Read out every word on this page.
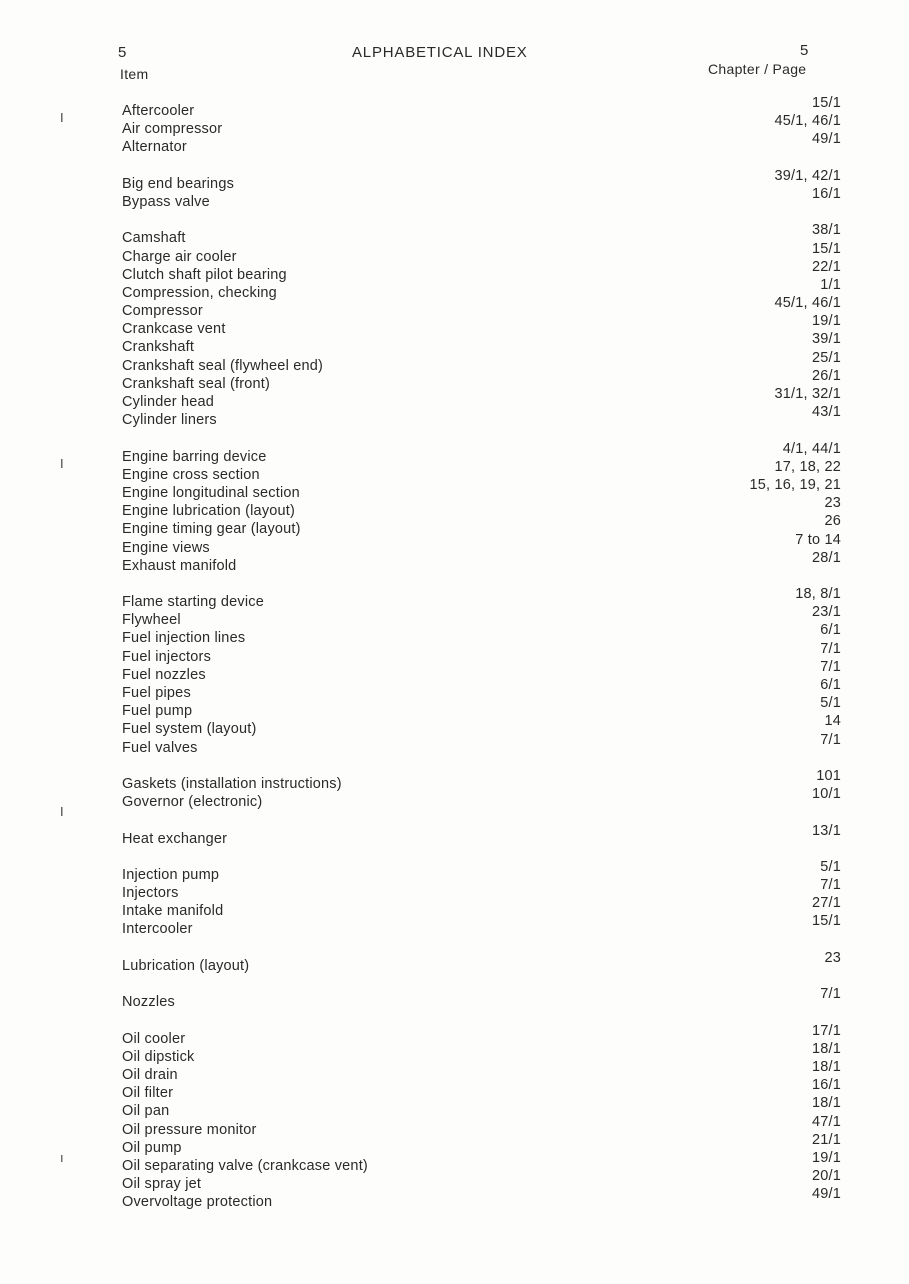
5	ALPHABETICAL INDEX	5
Item	Chapter / Page
I
I
I
ı
Aftercooler	15/1
Air compressor	45/1, 46/1
Alternator	49/1
Big end bearings	39/1, 42/1
Bypass valve	16/1
Camshaft	38/1
Charge air cooler	15/1
Clutch shaft pilot bearing	22/1
Compression, checking	1/1
Compressor	45/1, 46/1
Crankcase vent	19/1
Crankshaft	39/1
Crankshaft seal (flywheel end)	25/1
Crankshaft seal (front)	26/1
Cylinder head	31/1, 32/1
Cylinder liners	43/1
Engine barring device	4/1, 44/1
Engine cross section	17, 18, 22
Engine longitudinal section	15, 16, 19, 21
Engine lubrication (layout)	23
Engine timing gear (layout)	26
Engine views	7 to 14
Exhaust manifold	28/1
Flame starting device	18, 8/1
Flywheel	23/1
Fuel injection lines	6/1
Fuel injectors	7/1
Fuel nozzles	7/1
Fuel pipes	6/1
Fuel pump	5/1
Fuel system (layout)	14
Fuel valves	7/1
Gaskets (installation instructions)	101
Governor (electronic)	10/1
Heat exchanger	13/1
Injection pump	5/1
Injectors	7/1
Intake manifold	27/1
Intercooler	15/1
Lubrication (layout)	23
Nozzles	7/1
Oil cooler	17/1
Oil dipstick	18/1
Oil drain	18/1
Oil filter	16/1
Oil pan	18/1
Oil pressure monitor	47/1
Oil pump	21/1
Oil separating valve (crankcase vent)	19/1
Oil spray jet	20/1
Overvoltage protection	49/1
